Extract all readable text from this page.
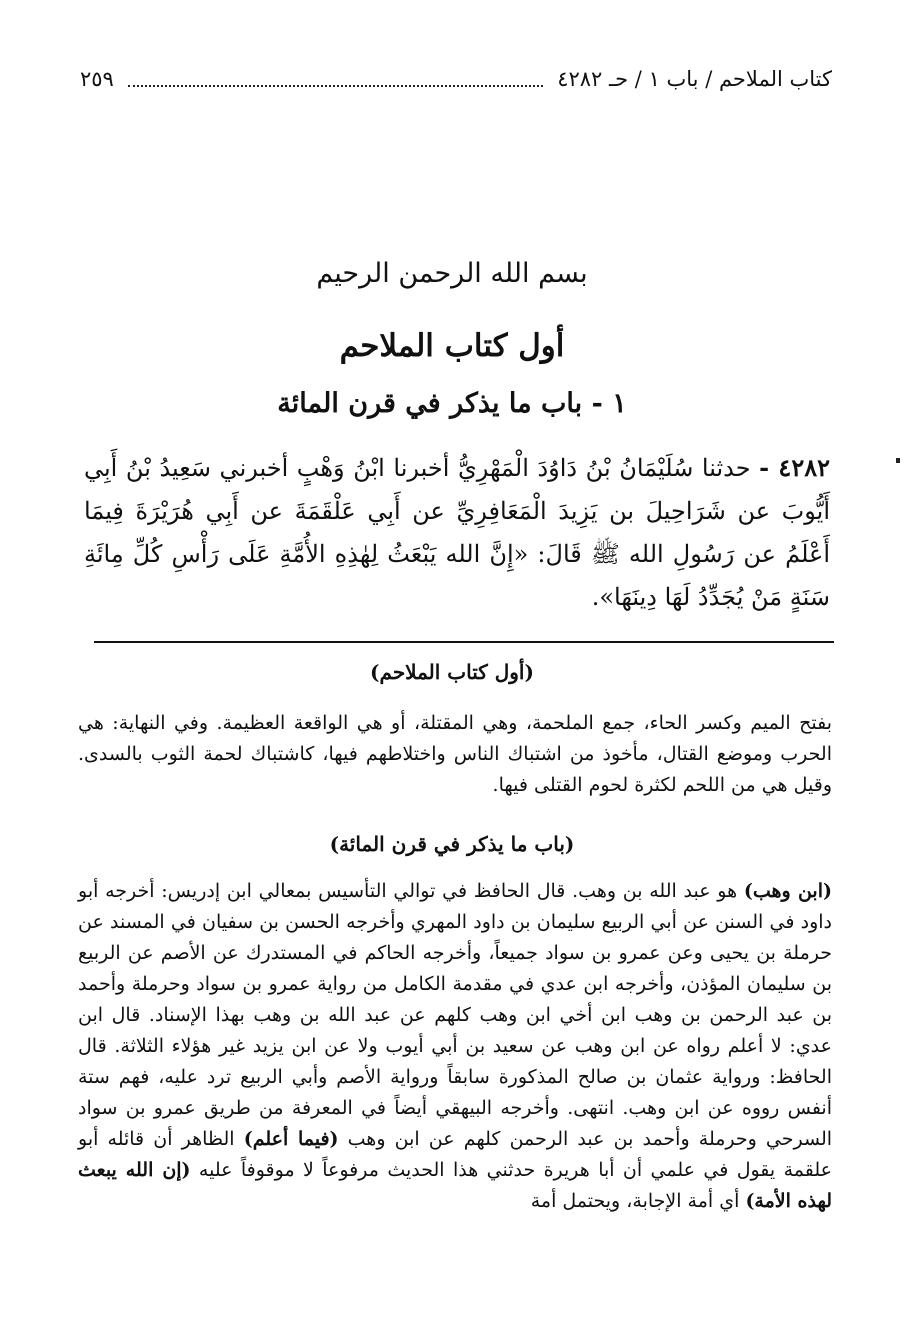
كتاب الملاحم / باب ١ / حـ ٤٢٨٢
٢٥٩
بسم الله الرحمن الرحيم
أول كتاب الملاحم
١ - باب ما يذكر في قرن المائة
٤٢٨٢ - حدثنا سُلَيْمَانُ بْنُ دَاوُدَ الْمَهْرِيُّ أخبرنا ابْنُ وَهْبٍ أخبرني سَعِيدُ بْنُ أَبِي أَيُّوبَ عن شَرَاحِيلَ بن يَزِيدَ الْمَعَافِرِيِّ عن أَبِي عَلْقَمَةَ عن أَبِي هُرَيْرَةَ فِيمَا أَعْلَمُ عن رَسُولِ الله ﷺ قَالَ: «إِنَّ الله يَبْعَثُ لِهٰذِهِ الأُمَّةِ عَلَى رَأْسِ كُلِّ مِائَةِ سَنَةٍ مَنْ يُجَدِّدُ لَهَا دِينَهَا».
(أول كتاب الملاحم)
بفتح الميم وكسر الحاء، جمع الملحمة، وهي المقتلة، أو هي الواقعة العظيمة. وفي النهاية: هي الحرب وموضع القتال، مأخوذ من اشتباك الناس واختلاطهم فيها، كاشتباك لحمة الثوب بالسدى. وقيل هي من اللحم لكثرة لحوم القتلى فيها.
(باب ما يذكر في قرن المائة)
(ابن وهب) هو عبد الله بن وهب. قال الحافظ في توالي التأسيس بمعالي ابن إدريس: أخرجه أبو داود في السنن عن أبي الربيع سليمان بن داود المهري وأخرجه الحسن بن سفيان في المسند عن حرملة بن يحيى وعن عمرو بن سواد جميعاً، وأخرجه الحاكم في المستدرك عن الأصم عن الربيع بن سليمان المؤذن، وأخرجه ابن عدي في مقدمة الكامل من رواية عمرو بن سواد وحرملة وأحمد بن عبد الرحمن بن وهب ابن أخي ابن وهب كلهم عن عبد الله بن وهب بهذا الإسناد. قال ابن عدي: لا أعلم رواه عن ابن وهب عن سعيد بن أبي أيوب ولا عن ابن يزيد غير هؤلاء الثلاثة. قال الحافظ: ورواية عثمان بن صالح المذكورة سابقاً ورواية الأصم وأبي الربيع ترد عليه، فهم ستة أنفس رووه عن ابن وهب. انتهى. وأخرجه البيهقي أيضاً في المعرفة من طريق عمرو بن سواد السرحي وحرملة وأحمد بن عبد الرحمن كلهم عن ابن وهب (فيما أعلم) الظاهر أن قائله أبو علقمة يقول في علمي أن أبا هريرة حدثني هذا الحديث مرفوعاً لا موقوفاً عليه (إن الله يبعث لهذه الأمة) أي أمة الإجابة، ويحتمل أمة
